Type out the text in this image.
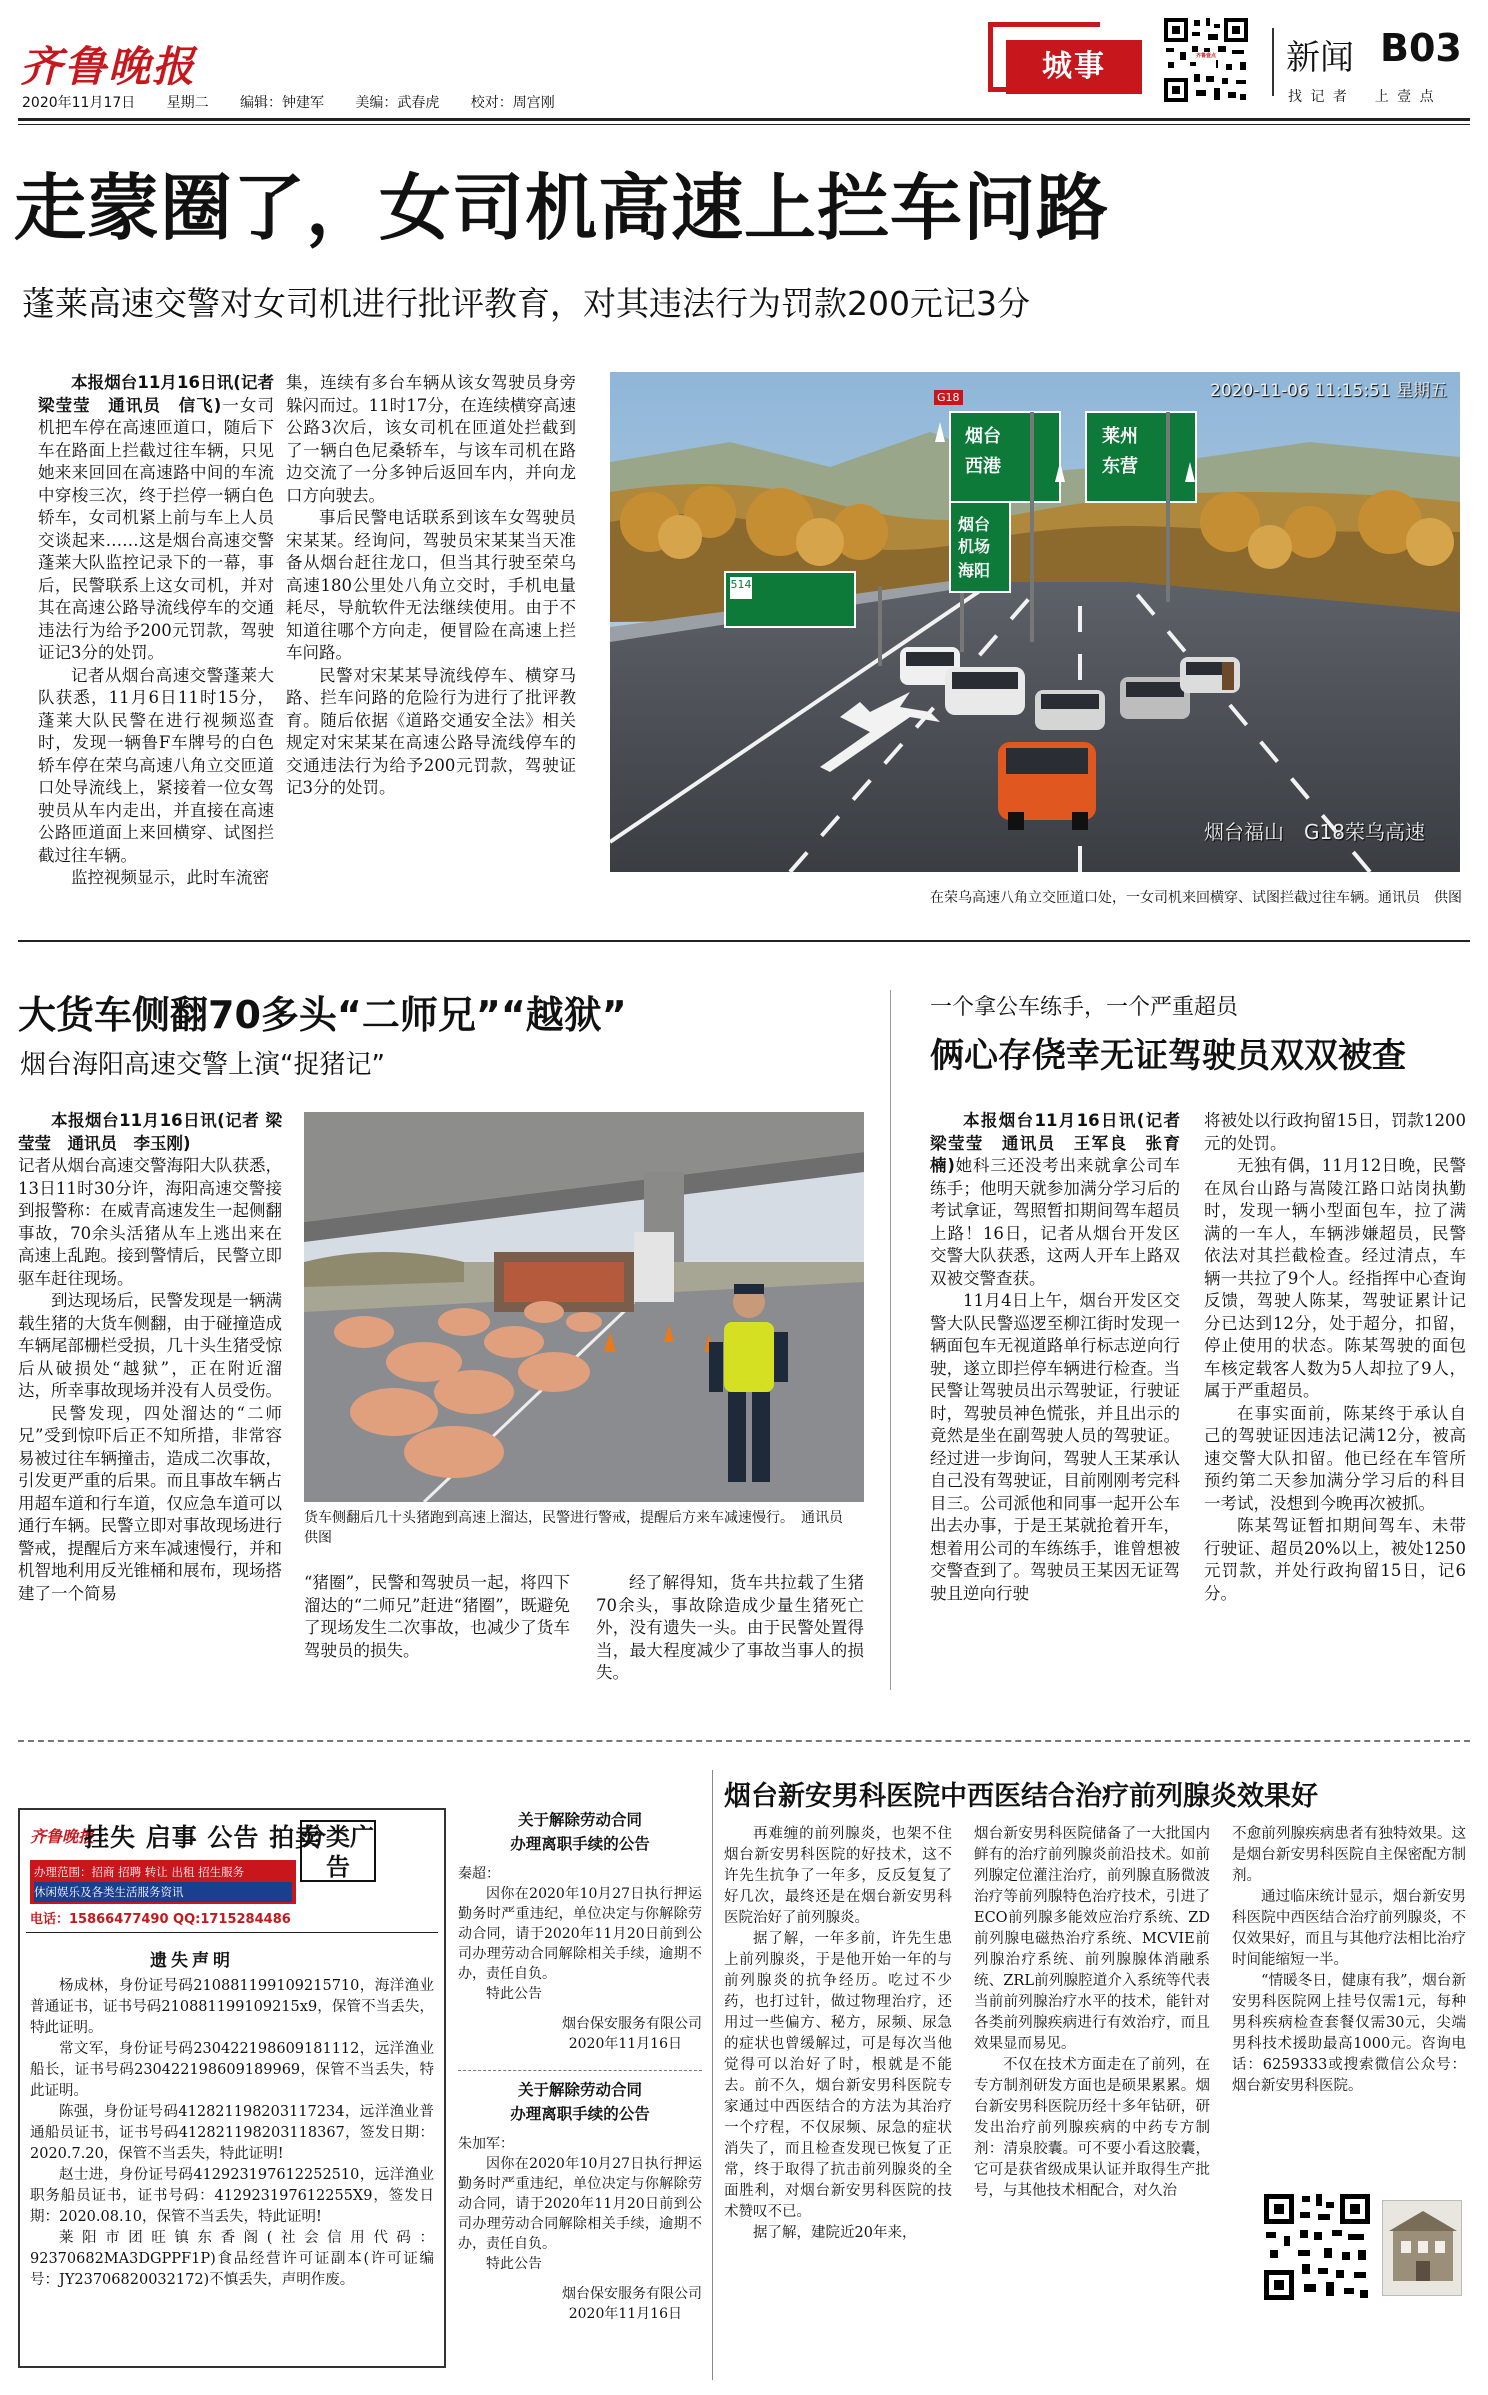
齐鲁晚报
2020年11月17日 星期二 编辑：钟建军 美编：武春虎 校对：周宫刚
城事	齐鲁壹点 新闻 B03
找 记 者    上 壹 点
走蒙圈了，女司机高速上拦车问路
蓬莱高速交警对女司机进行批评教育，对其违法行为罚款200元记3分

本报烟台11月16日讯(记者 梁莹莹　通讯员　信飞)一女司机把车停在高速匝道口，随后下车在路面上拦截过往车辆，只见她来来回回在高速路中间的车流中穿梭三次，终于拦停一辆白色轿车，女司机紧上前与车上人员交谈起来……这是烟台高速交警蓬莱大队监控记录下的一幕，事后，民警联系上这女司机，并对其在高速公路导流线停车的交通违法行为给予200元罚款，驾驶证记3分的处罚。

记者从烟台高速交警蓬莱大队获悉，11月6日11时15分，蓬莱大队民警在进行视频巡查时，发现一辆鲁F车牌号的白色轿车停在荣乌高速八角立交匝道口处导流线上，紧接着一位女驾驶员从车内走出，并直接在高速公路匝道面上来回横穿、试图拦截过往车辆。

监控视频显示，此时车流密

集，连续有多台车辆从该女驾驶员身旁躲闪而过。11时17分，在连续横穿高速公路3次后，该女司机在匝道处拦截到了一辆白色尼桑轿车，与该车司机在路边交流了一分多钟后返回车内，并向龙口方向驶去。

事后民警电话联系到该车女驾驶员宋某某。经询问，驾驶员宋某某当天准备从烟台赶往龙口，但当其行驶至荣乌高速180公里处八角立交时，手机电量耗尽，导航软件无法继续使用。由于不知道往哪个方向走，便冒险在高速上拦车问路。

民警对宋某某导流线停车、横穿马路、拦车问路的危险行为进行了批评教育。随后依据《道路交通安全法》相关规定对宋某某在高速公路导流线停车的交通违法行为给予200元罚款，驾驶证记3分的处罚。

2020-11-06 11:15:51 星期五
烟台福山　G18荣乌高速
G18
514
烟台
西港
莱州
东营
烟台
机场
海阳
在荣乌高速八角立交匝道口处，一女司机来回横穿、试图拦截过往车辆。通讯员　供图
大货车侧翻70多头“二师兄”“越狱”
烟台海阳高速交警上演“捉猪记”

本报烟台11月16日讯(记者 梁莹莹　通讯员　李玉刚)

记者从烟台高速交警海阳大队获悉，13日11时30分许，海阳高速交警接到报警称：在威青高速发生一起侧翻事故，70余头活猪从车上逃出来在高速上乱跑。接到警情后，民警立即驱车赶往现场。

到达现场后，民警发现是一辆满载生猪的大货车侧翻，由于碰撞造成车辆尾部栅栏受损，几十头生猪受惊后从破损处“越狱”，正在附近溜达，所幸事故现场并没有人员受伤。

民警发现，四处溜达的“二师兄”受到惊吓后正不知所措，非常容易被过往车辆撞击，造成二次事故，引发更严重的后果。而且事故车辆占用超车道和行车道，仅应急车道可以通行车辆。民警立即对事故现场进行警戒，提醒后方来车减速慢行，并和机智地利用反光锥桶和展布，现场搭建了一个简易

货车侧翻后几十头猪跑到高速上溜达，民警进行警戒，提醒后方来车减速慢行。　通讯员　供图

“猪圈”，民警和驾驶员一起，将四下溜达的“二师兄”赶进“猪圈”，既避免了现场发生二次事故，也减少了货车驾驶员的损失。

经了解得知，货车共拉载了生猪70余头，事故除造成少量生猪死亡外，没有遗失一头。由于民警处置得当，最大程度减少了事故当事人的损失。

一个拿公车练手，一个严重超员
俩心存侥幸无证驾驶员双双被查

本报烟台11月16日讯(记者　梁莹莹　通讯员　王军良　张育楠)她科三还没考出来就拿公司车练手；他明天就参加满分学习后的考试拿证，驾照暂扣期间驾车超员上路！16日，记者从烟台开发区交警大队获悉，这两人开车上路双双被交警查获。

11月4日上午，烟台开发区交警大队民警巡逻至柳江街时发现一辆面包车无视道路单行标志逆向行驶，遂立即拦停车辆进行检查。当民警让驾驶员出示驾驶证，行驶证时，驾驶员神色慌张，并且出示的竟然是坐在副驾驶人员的驾驶证。经过进一步询问，驾驶人王某承认自己没有驾驶证，目前刚刚考完科目三。公司派他和同事一起开公车出去办事，于是王某就抢着开车，想着用公司的车练练手，谁曾想被交警查到了。驾驶员王某因无证驾驶且逆向行驶

将被处以行政拘留15日，罚款1200元的处罚。

无独有偶，11月12日晚，民警在凤台山路与嵩陵江路口站岗执勤时，发现一辆小型面包车，拉了满满的一车人，车辆涉嫌超员，民警依法对其拦截检查。经过清点，车辆一共拉了9个人。经指挥中心查询反馈，驾驶人陈某，驾驶证累计记分已达到12分，处于超分，扣留，停止使用的状态。陈某驾驶的面包车核定载客人数为5人却拉了9人，属于严重超员。

在事实面前，陈某终于承认自己的驾驶证因违法记满12分，被高速交警大队扣留。他已经在车管所预约第二天参加满分学习后的科目一考试，没想到今晚再次被抓。

陈某驾证暂扣期间驾车、未带行驶证、超员20%以上，被处1250元罚款，并处行政拘留15日，记6分。

齐鲁晚报
挂失 启事 公告 拍卖
分类广告
办理范围：招商 招聘 转让 出租 招生服务
休闲娱乐及各类生活服务资讯
电话：15866477490 QQ:1715284486
遗失声明

杨成林，身份证号码210881199109215710，海洋渔业普通证书，证书号码210881199109215x9，保管不当丢失，特此证明。

常文军，身份证号码230422198609181112，远洋渔业船长，证书号码230422198609189969，保管不当丢失，特此证明。

陈强，身份证号码412821198203117234，远洋渔业普通船员证书，证书号码412821198203118367，签发日期：2020.7.20，保管不当丢失，特此证明!

赵士进，身份证号码412923197612252510，远洋渔业职务船员证书，证书号码：412923197612255X9，签发日期：2020.08.10，保管不当丢失，特此证明!

莱阳市团旺镇东香阁(社会信用代码：92370682MA3DGPPF1P)食品经营许可证副本(许可证编号：JY23706820032172)不慎丢失，声明作废。

关于解除劳动合同
办理离职手续的公告
秦超：
因你在2020年10月27日执行押运勤务时严重违纪，单位决定与你解除劳动合同，请于2020年11月20日前到公司办理劳动合同解除相关手续，逾期不办，责任自负。
特此公告
烟台保安服务有限公司
2020年11月16日
关于解除劳动合同
办理离职手续的公告
朱加军：
因你在2020年10月27日执行押运勤务时严重违纪，单位决定与你解除劳动合同，请于2020年11月20日前到公司办理劳动合同解除相关手续，逾期不办，责任自负。
特此公告
烟台保安服务有限公司
2020年11月16日
烟台新安男科医院中西医结合治疗前列腺炎效果好

再难缠的前列腺炎，也架不住烟台新安男科医院的好技术，这不许先生抗争了一年多，反反复复了好几次，最终还是在烟台新安男科医院治好了前列腺炎。

据了解，一年多前，许先生患上前列腺炎，于是他开始一年的与前列腺炎的抗争经历。吃过不少药，也打过针，做过物理治疗，还用过一些偏方、秘方，尿频、尿急的症状也曾缓解过，可是每次当他觉得可以治好了时，根就是不能去。前不久，烟台新安男科医院专家通过中西医结合的方法为其治疗一个疗程，不仅尿频、尿急的症状消失了，而且检查发现已恢复了正常，终于取得了抗击前列腺炎的全面胜利，对烟台新安男科医院的技术赞叹不已。

据了解，建院近20年来，

烟台新安男科医院储备了一大批国内鲜有的治疗前列腺炎前沿技术。如前列腺定位灌注治疗，前列腺直肠微波治疗等前列腺特色治疗技术，引进了ECO前列腺多能效应治疗系统、ZD前列腺电磁热治疗系统、MCVIE前列腺治疗系统、前列腺腺体消融系统、ZRL前列腺腔道介入系统等代表当前前列腺治疗水平的技术，能针对各类前列腺疾病进行有效治疗，而且效果显而易见。

不仅在技术方面走在了前列，在专方制剂研发方面也是硕果累累。烟台新安男科医院历经十多年钻研，研发出治疗前列腺疾病的中药专方制剂：清泉胶囊。可不要小看这胶囊，它可是获省级成果认证并取得生产批号，与其他技术相配合，对久治

不愈前列腺疾病患者有独特效果。这是烟台新安男科医院自主保密配方制剂。

通过临床统计显示，烟台新安男科医院中西医结合治疗前列腺炎，不仅效果好，而且与其他疗法相比治疗时间能缩短一半。

“情暖冬日，健康有我”，烟台新安男科医院网上挂号仅需1元，每种男科疾病检查套餐仅需30元，尖端男科技术援助最高1000元。咨询电话：6259333或搜索微信公众号：烟台新安男科医院。
